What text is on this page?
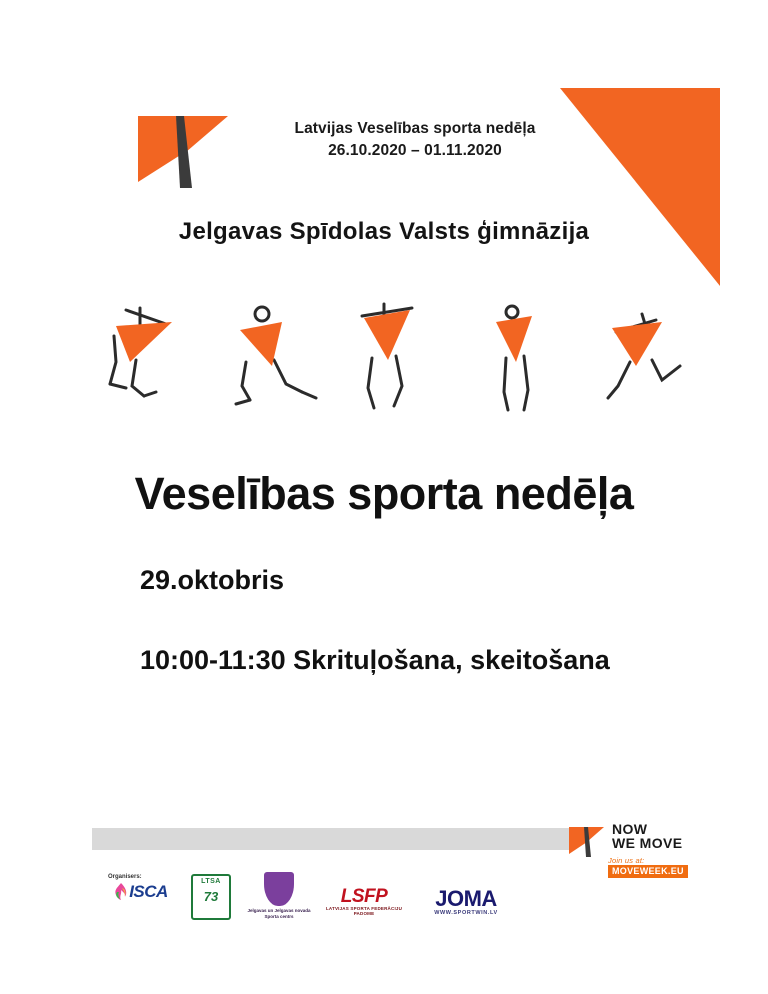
Latvijas Veselības sporta nedēļa
26.10.2020 – 01.11.2020
Jelgavas Spīdolas Valsts ģimnāzija
Veselības sporta nedēļa
29.oktobris
10:00-11:30 Skrituļošana, skeitošana
NOW
WE MOVE
Join us at:
MOVEWEEK.EU
Organisers:
ISCA
LTSA
73
Jelgavas un Jelgavas novada Sporta centrs
LSFP
LATVIJAS SPORTA FEDERĀCIJU PADOME
JOMA
WWW.SPORTWIN.LV
